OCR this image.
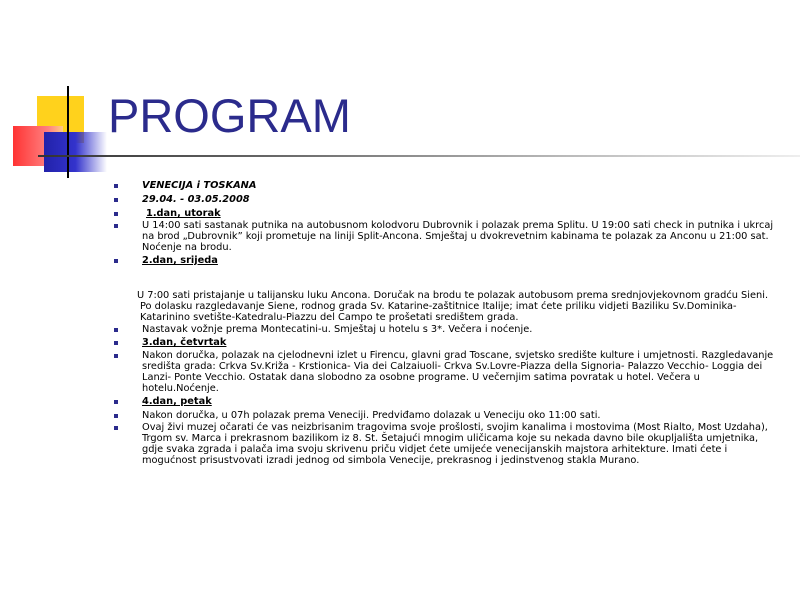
PROGRAM
VENECIJA i TOSKANA
29.04. - 03.05.2008
1.dan, utorak
U 14:00 sati sastanak putnika na autobusnom kolodvoru Dubrovnik i polazak prema Splitu. U 19:00 sati check in putnika i ukrcaj na brod „Dubrovnik” koji prometuje na liniji Split-Ancona. Smještaj u dvokrevetnim kabinama te polazak za Anconu u 21:00 sat. Noćenje na brodu.
2.dan, srijeda
U 7:00 sati pristajanje u talijansku luku Ancona. Doručak na brodu te polazak autobusom prema srednjovjekovnom gradću Sieni. Po dolasku razgledavanje Siene, rodnog grada Sv. Katarine-zaštitnice Italije; imat ćete priliku vidjeti Baziliku Sv.Dominika-Katarinino svetište-Katedralu-Piazzu del Campo te prošetati središtem grada.
Nastavak vožnje prema Montecatini-u. Smještaj u hotelu s 3*. Večera i noćenje.
3.dan, četvrtak
Nakon doručka, polazak na cjelodnevni izlet u Firencu, glavni grad Toscane, svjetsko središte kulture i umjetnosti. Razgledavanje središta grada: Crkva Sv.Križa - Krstionica- Via dei Calzaiuoli- Crkva Sv.Lovre-Piazza della Signoria- Palazzo Vecchio- Loggia dei Lanzi- Ponte Vecchio. Ostatak dana slobodno za osobne programe. U večernjim satima povratak u hotel. Večera u hotelu.Noćenje.
4.dan, petak
Nakon doručka, u 07h polazak prema Veneciji. Predviđamo dolazak u Veneciju oko 11:00 sati.
Ovaj živi muzej očarati će vas neizbrisanim tragovima svoje prošlosti, svojim kanalima i mostovima (Most Rialto, Most Uzdaha), Trgom sv. Marca i prekrasnom bazilikom iz 8. St. Šetajući mnogim uličicama koje su nekada davno bile okupljališta umjetnika, gdje svaka zgrada i palača ima svoju skrivenu priču vidjet ćete umijeće venecijanskih majstora arhitekture. Imati ćete i mogućnost prisustvovati izradi jednog od simbola Venecije, prekrasnog i jedinstvenog stakla Murano.
